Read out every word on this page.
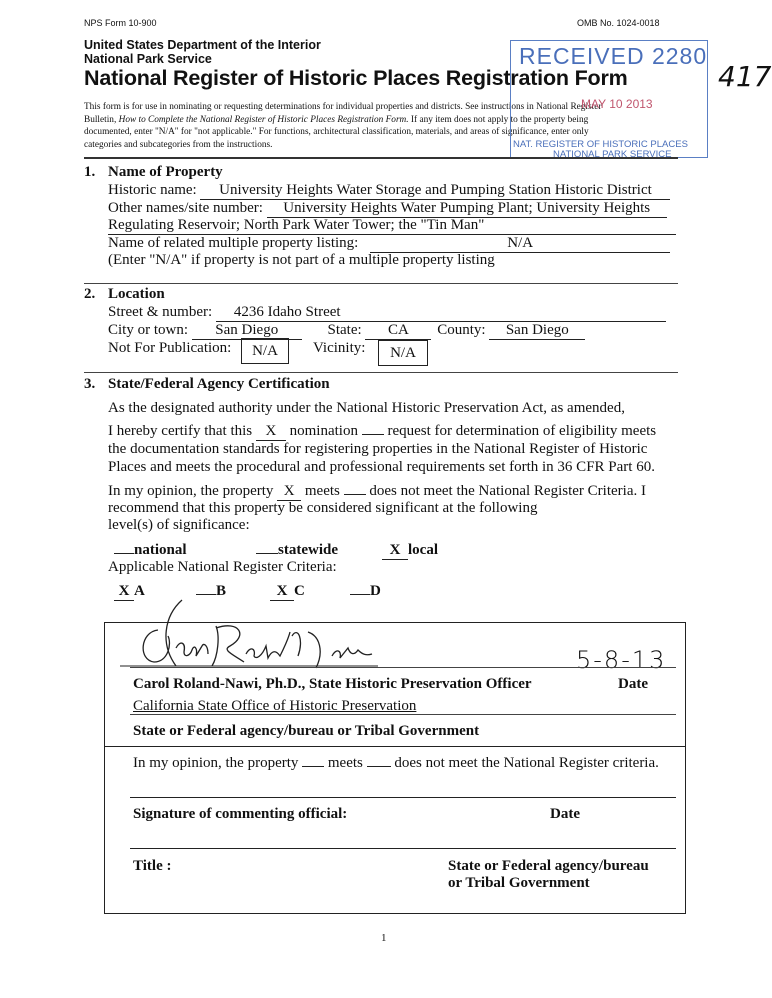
NPS Form 10-900	OMB No. 1024-0018
United States Department of the Interior
National Park Service
National Register of Historic Places Registration Form	417
This form is for use in nominating or requesting determinations for individual properties and districts. See instructions in National Register
Bulletin, How to Complete the National Register of Historic Places Registration Form. If any item does not apply to the property being
documented, enter "N/A" for "not applicable." For functions, architectural classification, materials, and areas of significance, enter only
categories and subcategories from the instructions.
RECEIVED 2280
MAY 10 2013
NAT. REGISTER OF HISTORIC PLACES
NATIONAL PARK SERVICE
1. Name of Property
Historic name: University Heights Water Storage and Pumping Station Historic District
Other names/site number: University Heights Water Pumping Plant; University Heights
Regulating Reservoir; North Park Water Tower; the "Tin Man"
Name of related multiple property listing:	N/A
(Enter "N/A" if property is not part of a multiple property listing
2. Location
Street & number: 4236 Idaho Street
City or town: San Diego	State: CA County: San Diego
Not For Publication:	N/A	Vicinity:	N/A
3. State/Federal Agency Certification
As the designated authority under the National Historic Preservation Act, as amended,
I hereby certify that this X nomination  request for determination of eligibility meets
the documentation standards for registering properties in the National Register of Historic
Places and meets the procedural and professional requirements set forth in 36 CFR Part 60.
In my opinion, the property X meets  does not meet the National Register Criteria. I
recommend that this property be considered significant at the following
level(s) of significance:
national	statewide	X local
Applicable National Register Criteria:
X A	B	X C	D
5-8-13
Carol Roland-Nawi, Ph.D., State Historic Preservation Officer	Date
California State Office of Historic Preservation
State or Federal agency/bureau or Tribal Government
In my opinion, the property  meets  does not meet the National Register criteria.
Signature of commenting official:	Date
Title :	State or Federal agency/bureau
or Tribal Government
1
